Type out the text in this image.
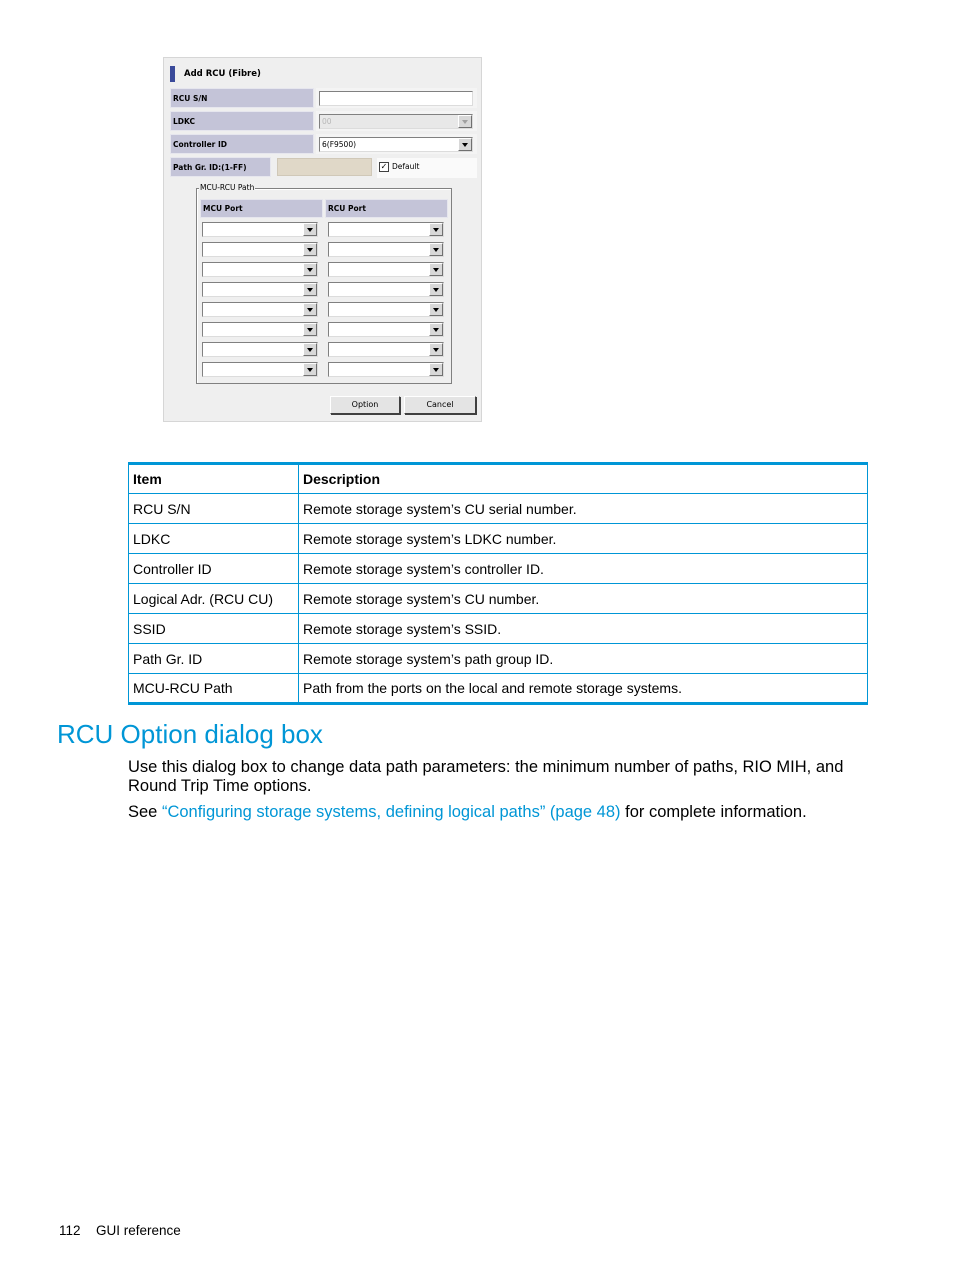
Add RCU (Fibre)
RCU S/N
LDKC	00
Controller ID	6(F9500)
Path Gr. ID:(1-FF)	✓ Default
MCU-RCU Path
MCU Port	RCU Port
Option	Cancel
Item	Description
RCU S/N	Remote storage system’s CU serial number.
LDKC	Remote storage system’s LDKC number.
Controller ID	Remote storage system’s controller ID.
Logical Adr. (RCU CU)	Remote storage system’s CU number.
SSID	Remote storage system’s SSID.
Path Gr. ID	Remote storage system’s path group ID.
MCU-RCU Path	Path from the ports on the local and remote storage systems.
RCU Option dialog box

Use this dialog box to change data path parameters: the minimum number of paths, RIO MIH, and Round Trip Time options.

See “Configuring storage systems, defining logical paths” (page 48) for complete information.

112 GUI reference
